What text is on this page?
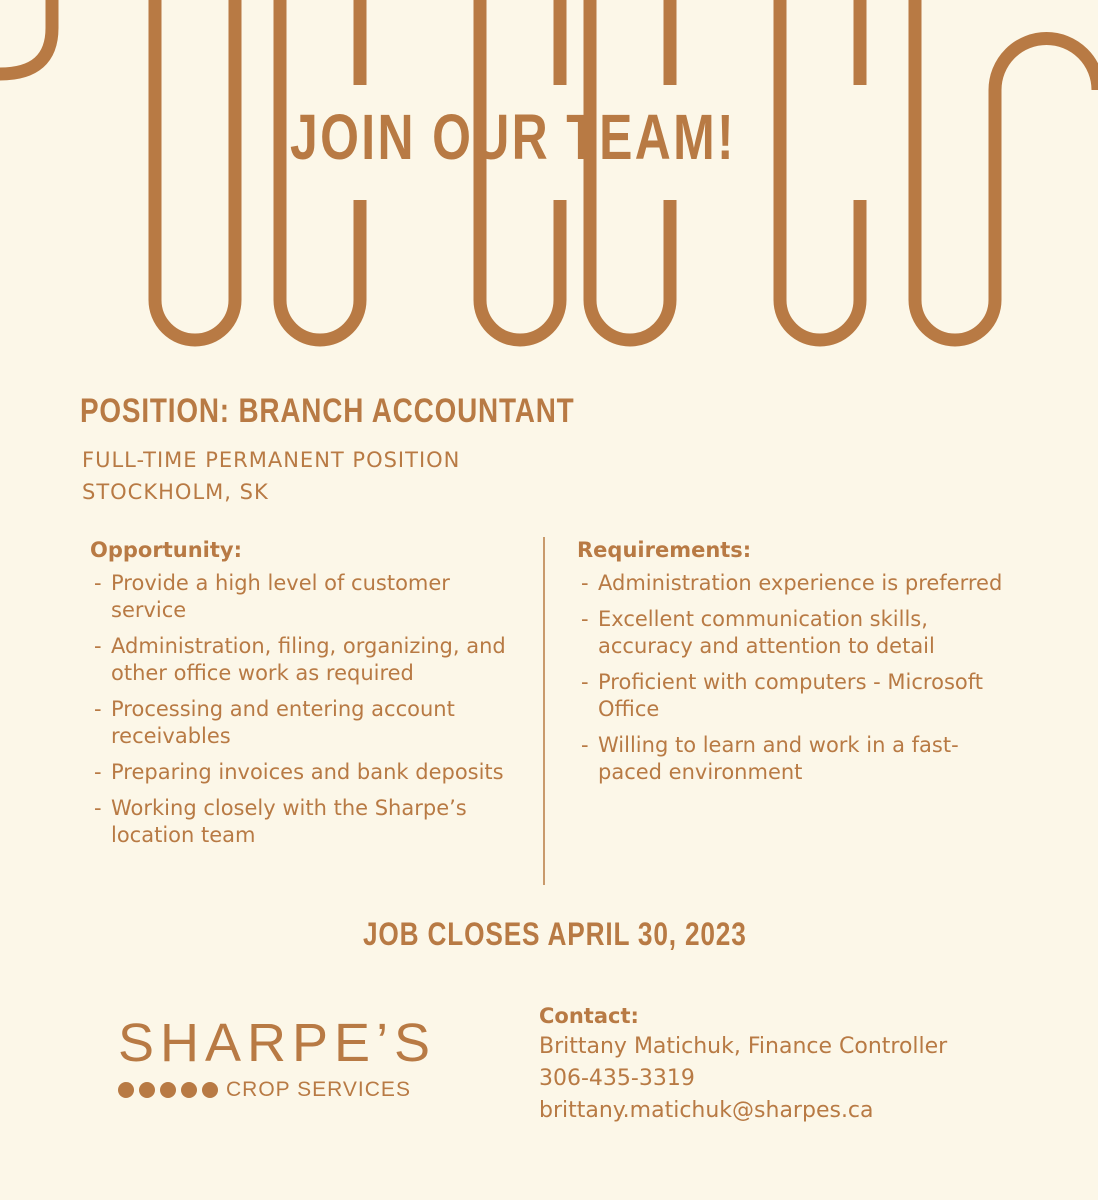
JOIN OUR TEAM!
POSITION: BRANCH ACCOUNTANT
FULL-TIME PERMANENT POSITION
STOCKHOLM, SK
Opportunity:
- Provide a high level of customer service
- Administration, filing, organizing, and other office work as required
- Processing and entering account receivables
- Preparing invoices and bank deposits
- Working closely with the Sharpe’s location team
Requirements:
- Administration experience is preferred
- Excellent communication skills, accuracy and attention to detail
- Proficient with computers - Microsoft Office
- Willing to learn and work in a fast-paced environment
JOB CLOSES APRIL 30, 2023
SHARPE’S
CROP SERVICES
Contact:
Brittany Matichuk, Finance Controller
306-435-3319
brittany.matichuk@sharpes.ca
